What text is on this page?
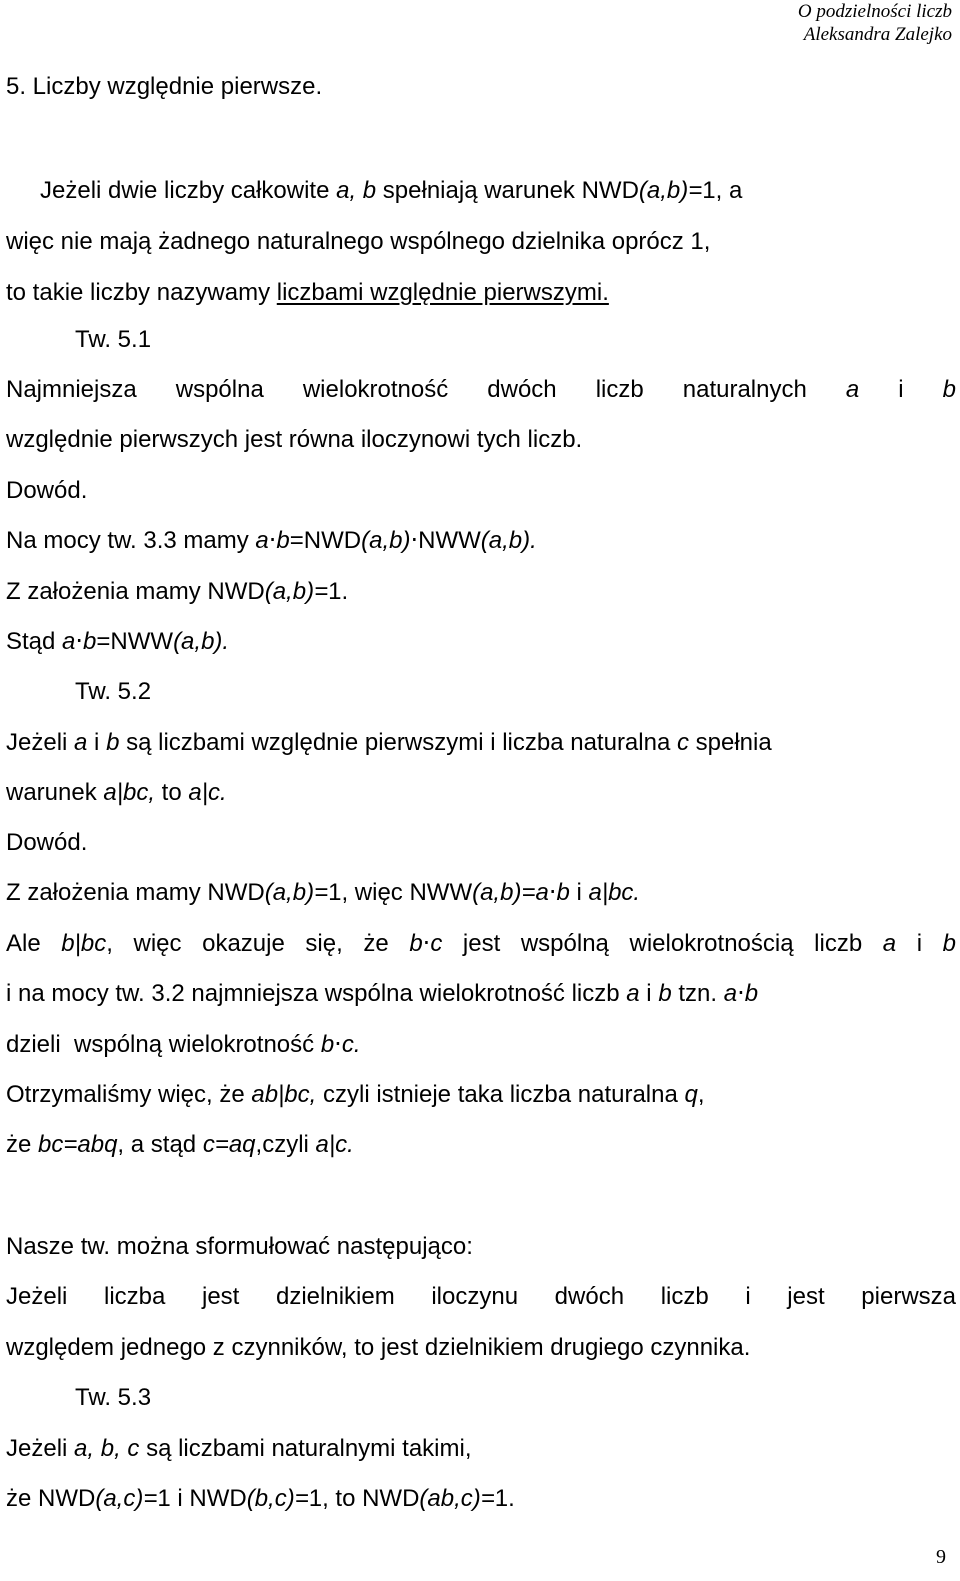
O podzielności liczb
Aleksandra Zalejko
5. Liczby względnie pierwsze.
Jeżeli dwie liczby całkowite a, b spełniają warunek NWD(a,b)=1, a
więc nie mają żadnego naturalnego wspólnego dzielnika oprócz 1,
to takie liczby nazywamy liczbami względnie pierwszymi.
Tw. 5.1
Najmniejsza wspólna wielokrotność dwóch liczb naturalnych a i b
względnie pierwszych jest równa iloczynowi tych liczb.
Dowód.
Na mocy tw. 3.3 mamy a⋅b=NWD(a,b)⋅NWW(a,b).
Z założenia mamy NWD(a,b)=1.
Stąd a⋅b=NWW(a,b).
Tw. 5.2
Jeżeli a i b są liczbami względnie pierwszymi i liczba naturalna c spełnia
warunek a|bc, to a|c.
Dowód.
Z założenia mamy NWD(a,b)=1, więc NWW(a,b)=a⋅b i a|bc.
Ale b|bc, więc okazuje się, że b⋅c jest wspólną wielokrotnością liczb a i b
i na mocy tw. 3.2 najmniejsza wspólna wielokrotność liczb a i b tzn. a⋅b
dzieli  wspólną wielokrotność b⋅c.
Otrzymaliśmy więc, że ab|bc, czyli istnieje taka liczba naturalna q,
że bc=abq, a stąd c=aq,czyli a|c.
Nasze tw. można sformułować następująco:
Jeżeli liczba jest dzielnikiem iloczynu dwóch liczb i jest pierwsza
względem jednego z czynników, to jest dzielnikiem drugiego czynnika.
Tw. 5.3
Jeżeli a, b, c są liczbami naturalnymi takimi,
że NWD(a,c)=1 i NWD(b,c)=1, to NWD(ab,c)=1.
9
